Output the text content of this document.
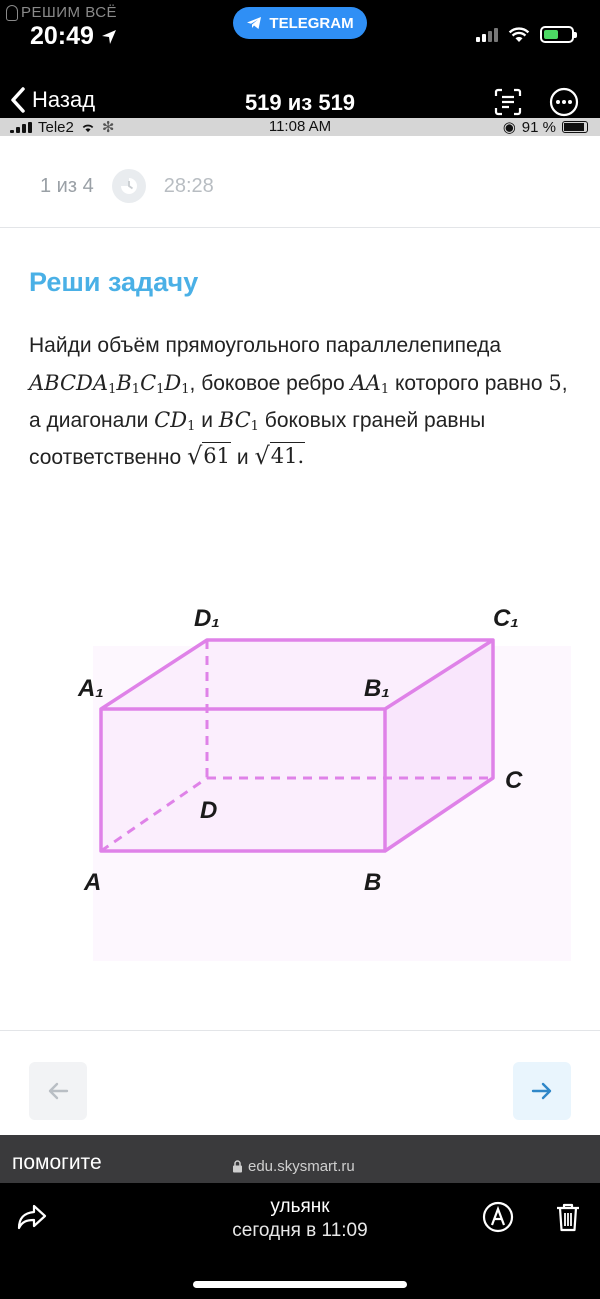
РЕШИМ ВСЁ
20:49	TELEGRAM
Назад	519 из 519
Tele2 ✻	11:08 AM	◉ 91 %
1 из 4	28:28
Реши задачу
Найди объём прямоугольного параллелепипеда $ABCDA_1B_1C_1D_1$, боковое ребро $AA_1$ которого равно 5, а диагонали $CD_1$ и $BC_1$ боковых граней равны соответственно √ 61 и √ 41.
D₁	C₁
A₁	B₁
C
D
A	B
помогите	edu.skysmart.ru
ульянк
сегодня в 11:09
